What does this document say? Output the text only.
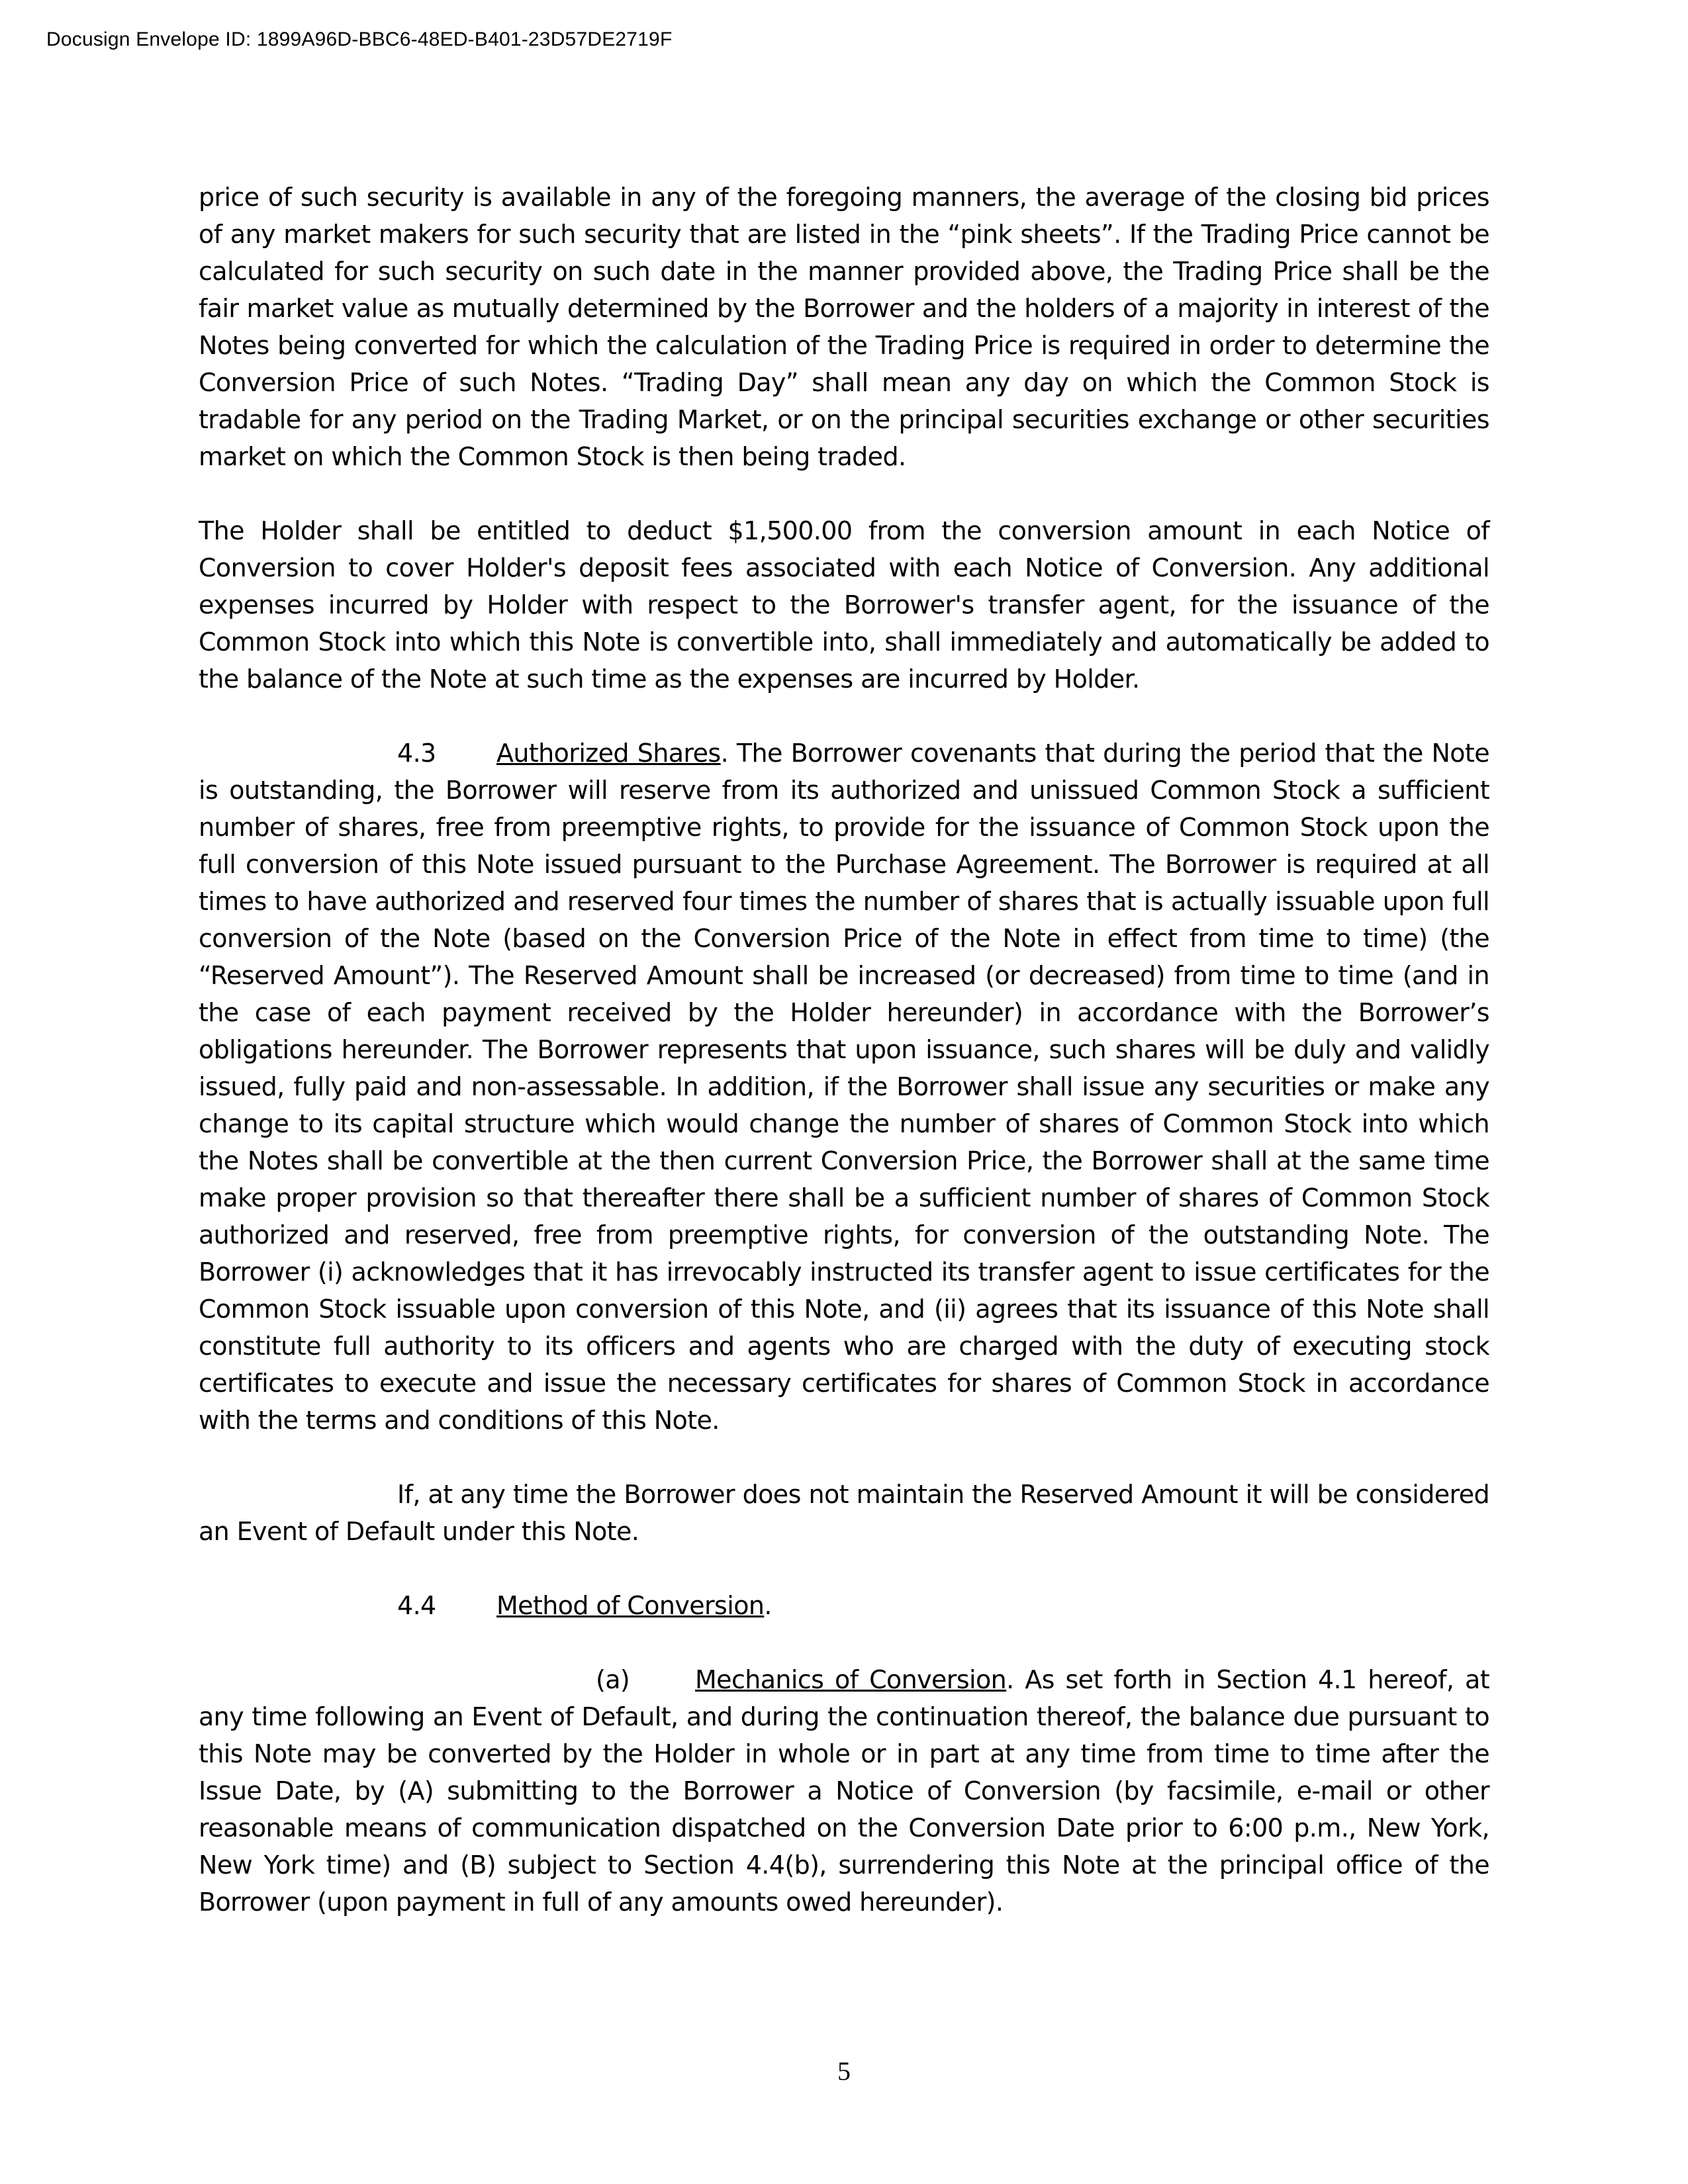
Docusign Envelope ID: 1899A96D-BBC6-48ED-B401-23D57DE2719F

price of such security is available in any of the foregoing manners, the average of the closing bid prices of any market makers for such security that are listed in the “pink sheets”. If the Trading Price cannot be calculated for such security on such date in the manner provided above, the Trading Price shall be the fair market value as mutually determined by the Borrower and the holders of a majority in interest of the Notes being converted for which the calculation of the Trading Price is required in order to determine the Conversion Price of such Notes. “Trading Day” shall mean any day on which the Common Stock is tradable for any period on the Trading Market, or on the principal securities exchange or other securities market on which the Common Stock is then being traded.

The Holder shall be entitled to deduct $1,500.00 from the conversion amount in each Notice of Conversion to cover Holder's deposit fees associated with each Notice of Conversion. Any additional expenses incurred by Holder with respect to the Borrower's transfer agent, for the issuance of the Common Stock into which this Note is convertible into, shall immediately and automatically be added to the balance of the Note at such time as the expenses are incurred by Holder.

4.3 Authorized Shares. The Borrower covenants that during the period that the Note is outstanding, the Borrower will reserve from its authorized and unissued Common Stock a sufficient number of shares, free from preemptive rights, to provide for the issuance of Common Stock upon the full conversion of this Note issued pursuant to the Purchase Agreement. The Borrower is required at all times to have authorized and reserved four times the number of shares that is actually issuable upon full conversion of the Note (based on the Conversion Price of the Note in effect from time to time) (the “Reserved Amount”). The Reserved Amount shall be increased (or decreased) from time to time (and in the case of each payment received by the Holder hereunder) in accordance with the Borrower’s obligations hereunder. The Borrower represents that upon issuance, such shares will be duly and validly issued, fully paid and non-assessable. In addition, if the Borrower shall issue any securities or make any change to its capital structure which would change the number of shares of Common Stock into which the Notes shall be convertible at the then current Conversion Price, the Borrower shall at the same time make proper provision so that thereafter there shall be a sufficient number of shares of Common Stock authorized and reserved, free from preemptive rights, for conversion of the outstanding Note. The Borrower (i) acknowledges that it has irrevocably instructed its transfer agent to issue certificates for the Common Stock issuable upon conversion of this Note, and (ii) agrees that its issuance of this Note shall constitute full authority to its officers and agents who are charged with the duty of executing stock certificates to execute and issue the necessary certificates for shares of Common Stock in accordance with the terms and conditions of this Note.

If, at any time the Borrower does not maintain the Reserved Amount it will be considered an Event of Default under this Note.

4.4 Method of Conversion.

(a)	Mechanics of Conversion. As set forth in Section 4.1 hereof, at any time following an Event of Default, and during the continuation thereof, the balance due pursuant to this Note may be converted by the Holder in whole or in part at any time from time to time after the Issue Date, by (A) submitting to the Borrower a Notice of Conversion (by facsimile, e-mail or other reasonable means of communication dispatched on the Conversion Date prior to 6:00 p.m., New York, New York time) and (B) subject to Section 4.4(b), surrendering this Note at the principal office of the Borrower (upon payment in full of any amounts owed hereunder).

5
